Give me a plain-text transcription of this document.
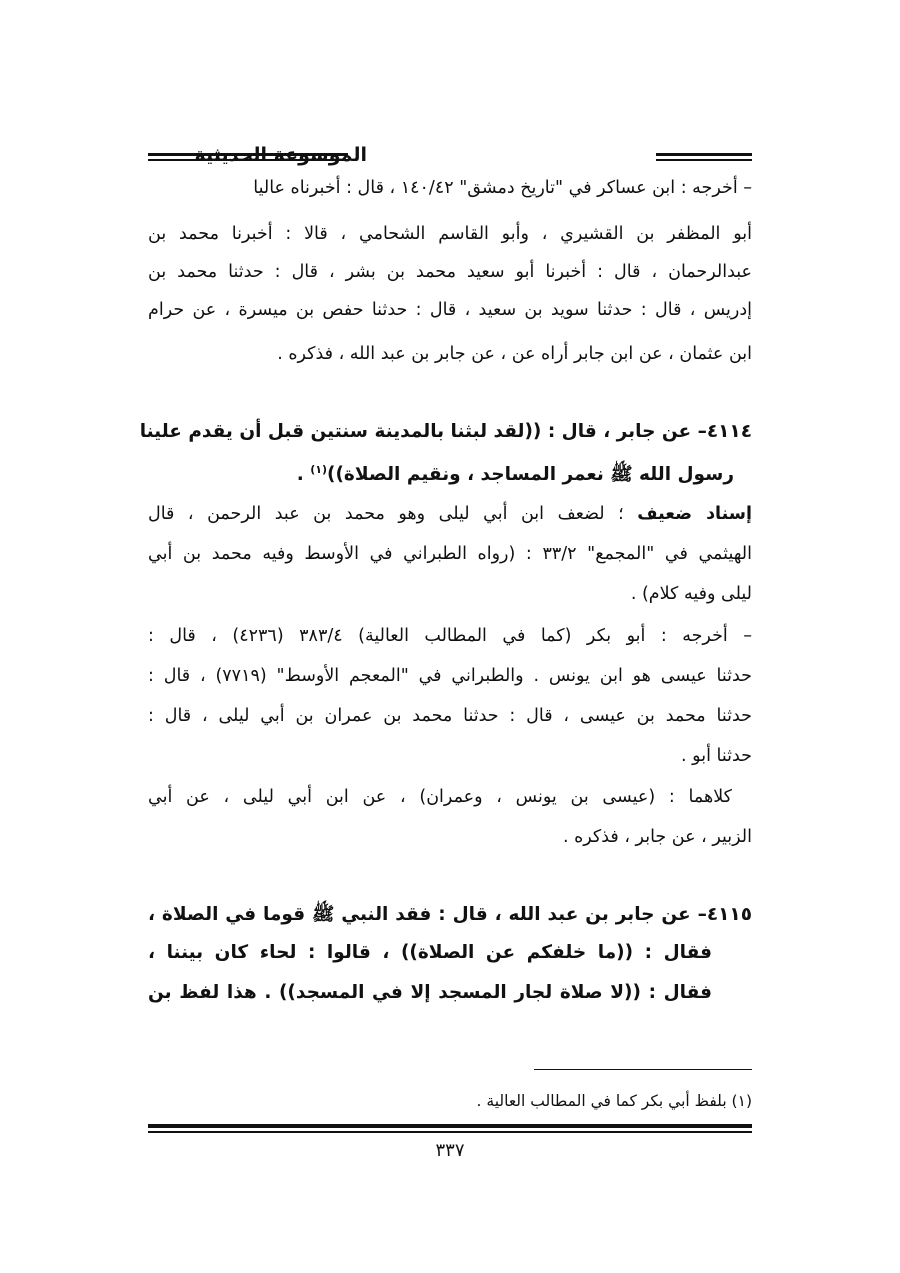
الموسوعة الحديثية
– أخرجه : ابن عساكر في "تاريخ دمشق" ١٤٠/٤٢ ، قال : أخبرناه عاليا
أبو المظفر بن القشيري ، وأبو القاسم الشحامي ، قالا : أخبرنا محمد بن
عبدالرحمان ، قال : أخبرنا أبو سعيد محمد بن بشر ، قال : حدثنا محمد بن
إدريس ، قال : حدثنا سويد بن سعيد ، قال : حدثنا حفص بن ميسرة ، عن حرام
ابن عثمان ، عن ابن جابر أراه عن ، عن جابر بن عبد الله ، فذكره .
٤١١٤– عن جابر ، قال : ((لقد لبثنا بالمدينة سنتين قبل أن يقدم علينا
رسول الله ﷺ نعمر المساجد ، ونقيم الصلاة))$^{(١)}$ .
إسناد ضعيف ؛ لضعف ابن أبي ليلى وهو محمد بن عبد الرحمن ، قال
الهيثمي في "المجمع" ٣٣/٢ : (رواه الطبراني في الأوسط وفيه محمد بن أبي
ليلى وفيه كلام) .
– أخرجه : أبو بكر (كما في المطالب العالية) ٣٨٣/٤ (٤٢٣٦) ، قال :
حدثنا عيسى هو ابن يونس . والطبراني في "المعجم الأوسط" (٧٧١٩) ، قال :
حدثنا محمد بن عيسى ، قال : حدثنا محمد بن عمران بن أبي ليلى ، قال :
حدثنا أبو .
كلاهما : (عيسى بن يونس ، وعمران) ، عن ابن أبي ليلى ، عن أبي
الزبير ، عن جابر ، فذكره .
٤١١٥– عن جابر بن عبد الله ، قال : فقد النبي ﷺ قوما في الصلاة ،
فقال : ((ما خلفكم عن الصلاة)) ، قالوا : لحاء كان بيننا ،
فقال : ((لا صلاة لجار المسجد إلا في المسجد)) . هذا لفظ بن
(١) بلفظ أبي بكر كما في المطالب العالية .
٣٣٧
